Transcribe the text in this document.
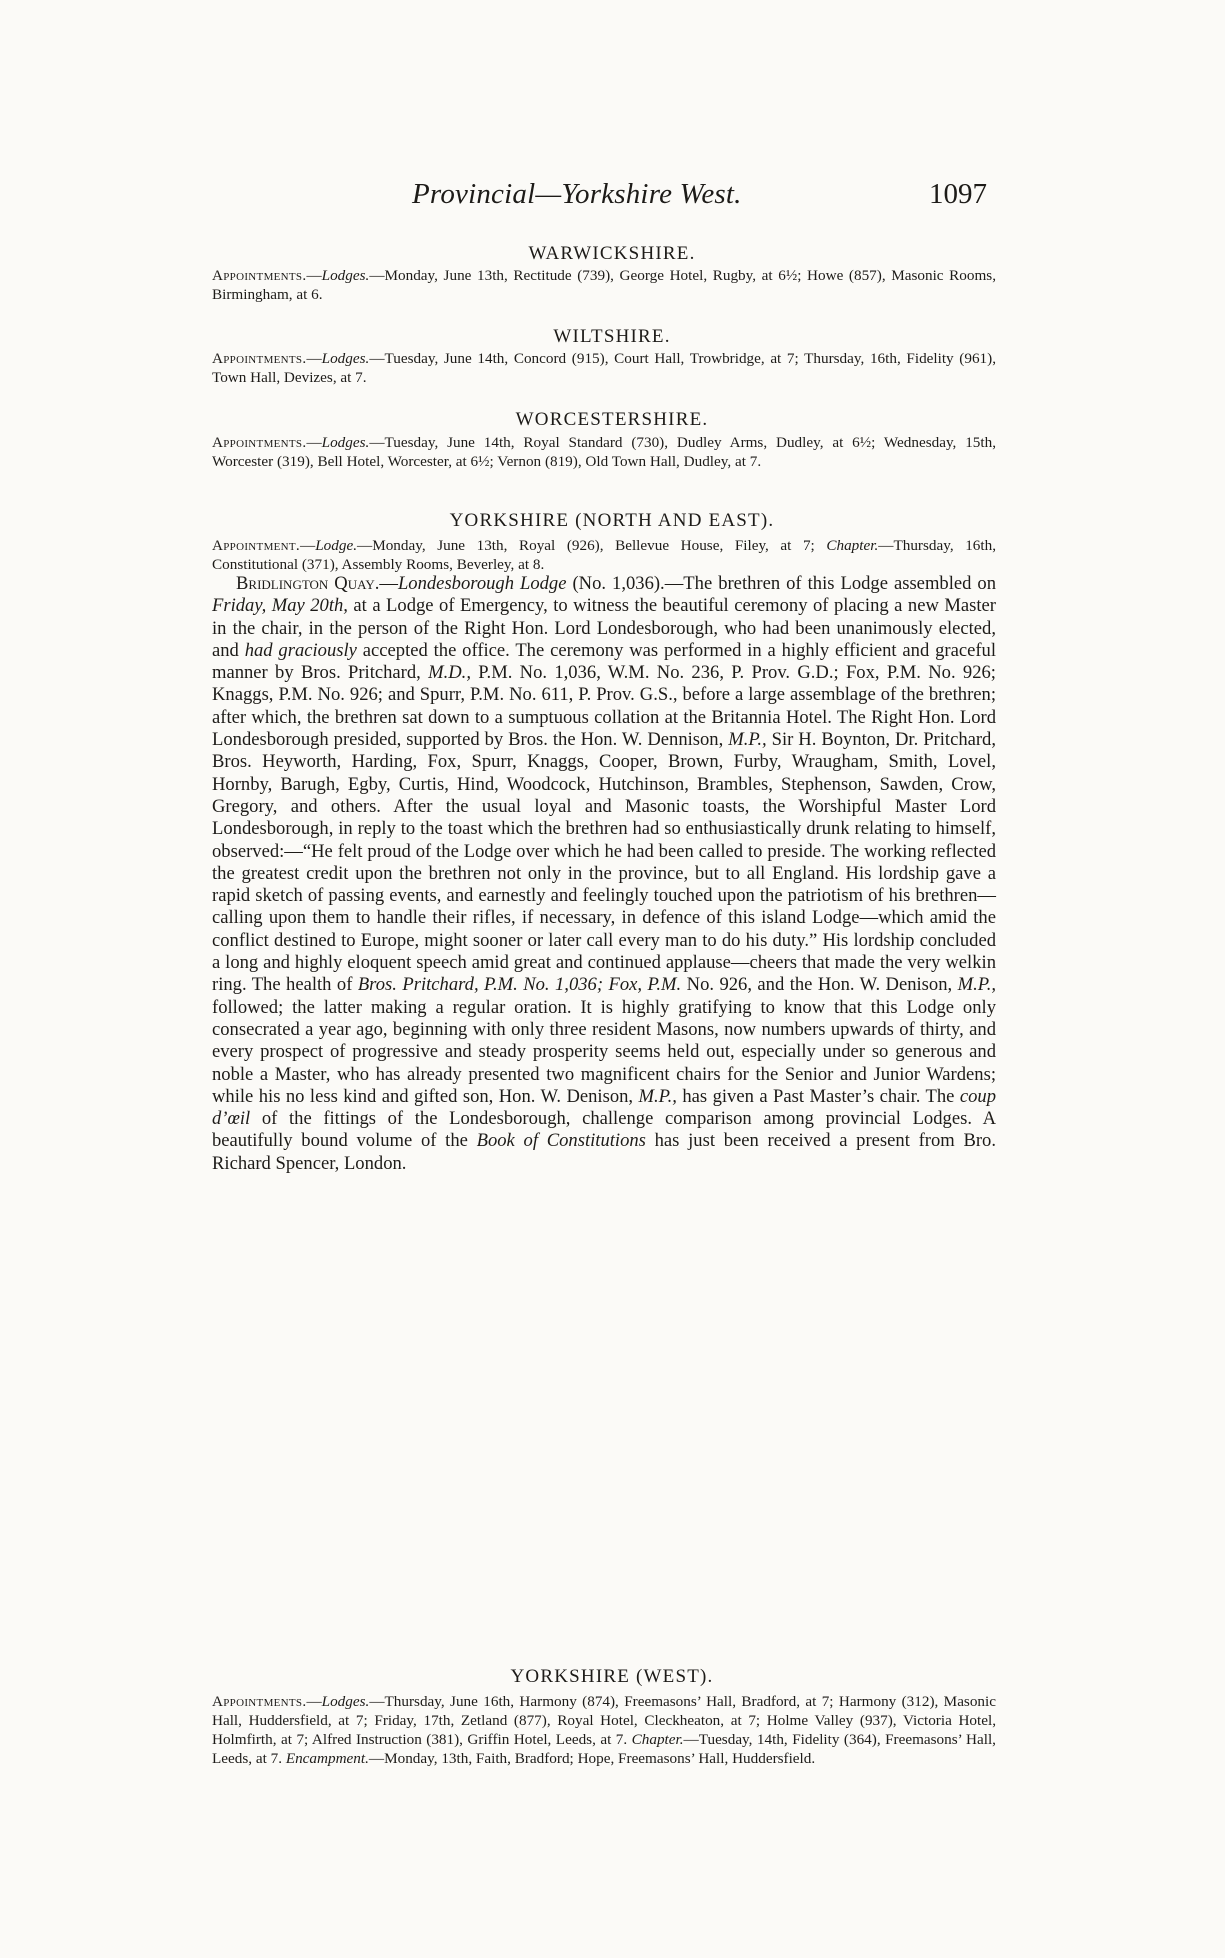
Provincial—Yorkshire West.	1097
WARWICKSHIRE.
Appointments.—Lodges.—Monday, June 13th, Rectitude (739), George Hotel, Rugby, at 6½; Howe (857), Masonic Rooms, Birmingham, at 6.
WILTSHIRE.
Appointments.—Lodges.—Tuesday, June 14th, Concord (915), Court Hall, Trowbridge, at 7; Thursday, 16th, Fidelity (961), Town Hall, Devizes, at 7.
WORCESTERSHIRE.
Appointments.—Lodges.—Tuesday, June 14th, Royal Standard (730), Dudley Arms, Dudley, at 6½; Wednesday, 15th, Worcester (319), Bell Hotel, Worcester, at 6½; Vernon (819), Old Town Hall, Dudley, at 7.
YORKSHIRE (NORTH AND EAST).
Appointment.—Lodge.—Monday, June 13th, Royal (926), Bellevue House, Filey, at 7; Chapter.—Thursday, 16th, Constitutional (371), Assembly Rooms, Beverley, at 8.

Bridlington Quay.—Londesborough Lodge (No. 1,036).—The brethren of this Lodge assembled on Friday, May 20th, at a Lodge of Emergency, to witness the beautiful ceremony of placing a new Master in the chair, in the person of the Right Hon. Lord Londesborough, who had been unanimously elected, and had graciously accepted the office. The ceremony was performed in a highly efficient and graceful manner by Bros. Pritchard, M.D., P.M. No. 1,036, W.M. No. 236, P. Prov. G.D.; Fox, P.M. No. 926; Knaggs, P.M. No. 926; and Spurr, P.M. No. 611, P. Prov. G.S., before a large assemblage of the brethren; after which, the brethren sat down to a sumptuous collation at the Britannia Hotel. The Right Hon. Lord Londesborough presided, supported by Bros. the Hon. W. Dennison, M.P., Sir H. Boynton, Dr. Pritchard, Bros. Heyworth, Harding, Fox, Spurr, Knaggs, Cooper, Brown, Furby, Wraugham, Smith, Lovel, Hornby, Barugh, Egby, Curtis, Hind, Woodcock, Hutchinson, Brambles, Stephenson, Sawden, Crow, Gregory, and others. After the usual loyal and Masonic toasts, the Worshipful Master Lord Londesborough, in reply to the toast which the brethren had so enthusiastically drunk relating to himself, observed:—“He felt proud of the Lodge over which he had been called to preside. The working reflected the greatest credit upon the brethren not only in the province, but to all England. His lordship gave a rapid sketch of passing events, and earnestly and feelingly touched upon the patriotism of his brethren—calling upon them to handle their rifles, if necessary, in defence of this island Lodge—which amid the conflict destined to Europe, might sooner or later call every man to do his duty.” His lordship concluded a long and highly eloquent speech amid great and continued applause—cheers that made the very welkin ring. The health of Bros. Pritchard, P.M. No. 1,036; Fox, P.M. No. 926, and the Hon. W. Denison, M.P., followed; the latter making a regular oration. It is highly gratifying to know that this Lodge only consecrated a year ago, beginning with only three resident Masons, now numbers upwards of thirty, and every prospect of progressive and steady prosperity seems held out, especially under so generous and noble a Master, who has already presented two magnificent chairs for the Senior and Junior Wardens; while his no less kind and gifted son, Hon. W. Denison, M.P., has given a Past Master’s chair. The coup d’œil of the fittings of the Londesborough, challenge comparison among provincial Lodges. A beautifully bound volume of the Book of Constitutions has just been received a present from Bro. Richard Spencer, London.

YORKSHIRE (WEST).
Appointments.—Lodges.—Thursday, June 16th, Harmony (874), Freemasons’ Hall, Bradford, at 7; Harmony (312), Masonic Hall, Huddersfield, at 7; Friday, 17th, Zetland (877), Royal Hotel, Cleckheaton, at 7; Holme Valley (937), Victoria Hotel, Holmfirth, at 7; Alfred Instruction (381), Griffin Hotel, Leeds, at 7. Chapter.—Tuesday, 14th, Fidelity (364), Freemasons’ Hall, Leeds, at 7. Encampment.—Monday, 13th, Faith, Bradford; Hope, Freemasons’ Hall, Huddersfield.
